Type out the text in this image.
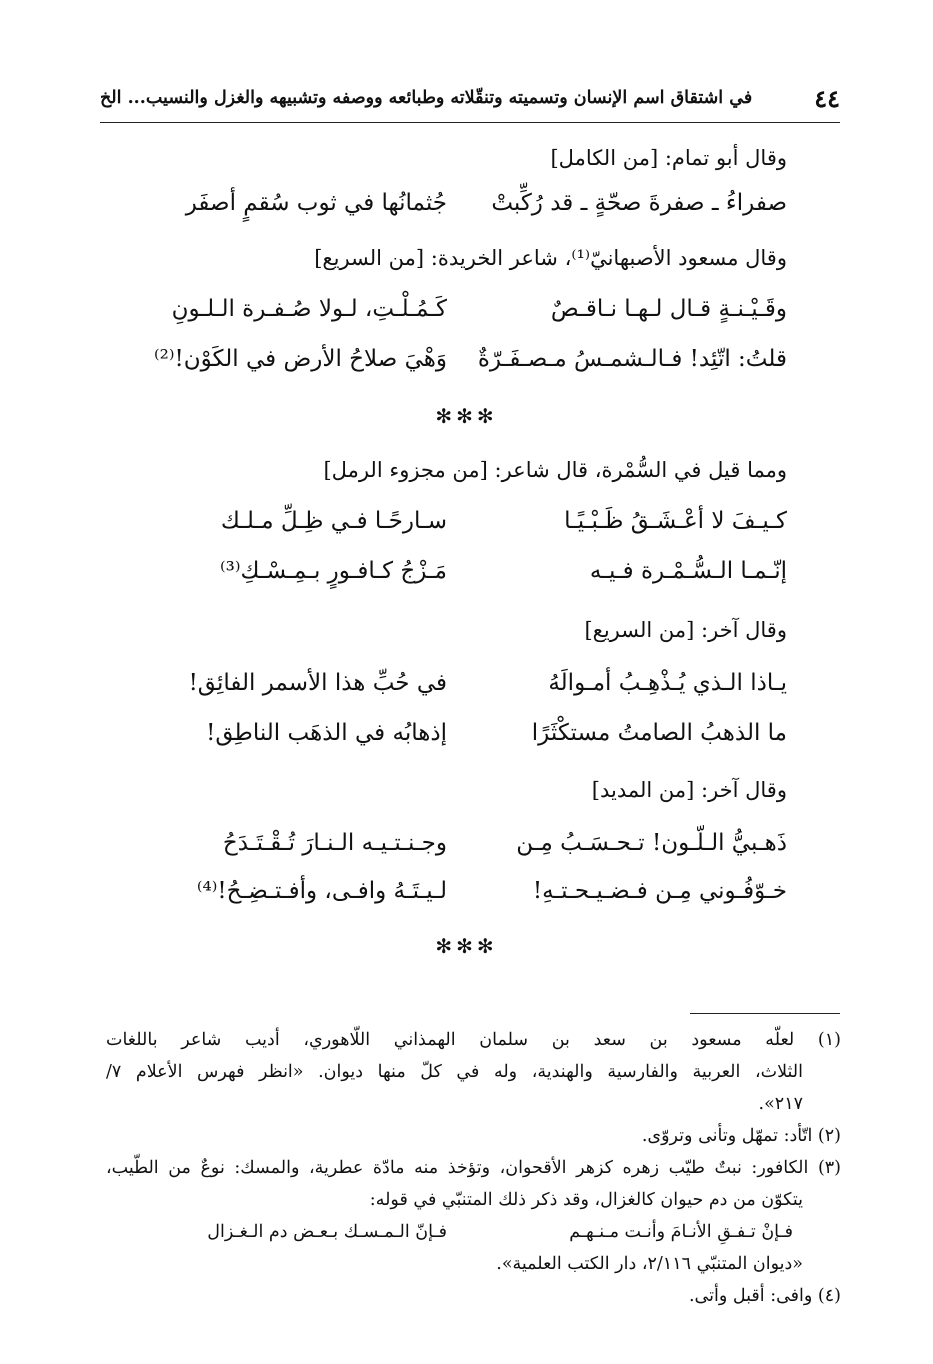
٤٤
في اشتقاق اسم الإنسان وتسميته وتنقّلاته وطبائعه ووصفه وتشبيهه والغزل والنسيب... الخ
وقال أبو تمام: [من الكامل]
صفراءُ ـ صفرةَ صحّةٍ ـ قد رُكِّبتْ
جُثمانُها في ثوب سُقمٍ أصفَر
وقال مسعود الأصبهانيّ⁽¹⁾، شاعر الخريدة: [من السريع]
وقَـيْـنـةٍ قـال لـهـا نـاقـصٌ
كَـمُـلْـتِ، لـولا صُـفـرة الـلـونِ
قلتُ: اتّئِد! فـالـشمـسُ مـصـفَـرّةٌ
وَهْيَ صلاحُ الأرض في الكَوْن!⁽²⁾
✻✻✻
ومما قيل في السُّمْرة، قال شاعر: [من مجزوء الرمل]
كـيـفَ لا أعْـشَـقُ ظَـبْـيًـا
سـارحًـا فـي ظِـلِّ مـلـك
إنّـمـا الـسُّـمْـرة فـيـه
مَـزْجُ كـافـورٍ بـمِـسْـكِ⁽³⁾
وقال آخر: [من السريع]
يـاذا الـذي يُـذْهِـبُ أمـوالَهُ
في حُبِّ هذا الأسمر الفائِق!
ما الذهبُ الصامتُ مستكْثَرًا
إذهابُه في الذهَب الناطِق!
وقال آخر: [من المديد]
ذَهـبيُّ الـلّـون! تـحـسَـبُ مِـن
وجـنـتـيـه الـنـارَ تُـقْـتَـدَحُ
خـوّفُـوني مِـن فـضـيـحـتـهِ!
لـيـتَـهُ وافـى، وأفـتـضِـحُ!⁽⁴⁾
✻✻✻
(١) لعلّه مسعود بن سعد بن سلمان الهمذاني اللّاهوري، أديب شاعر باللغات
الثلاث، العربية والفارسية والهندية، وله في كلّ منها ديوان. «انظر فهرس الأعلام ٧/
٢١٧».
(٢) اتّأد: تمهّل وتأنى وتروّى.
(٣) الكافور: نبتٌ طيّب زهره كزهر الأقحوان، وتؤخذ منه مادّة عطرية، والمسك: نوعٌ من الطّيب،
يتكوّن من دم حيوان كالغزال، وقد ذكر ذلك المتنبّي في قوله:
فـإنْ تـفـقِ الأنـامَ وأنـت مـنـهـم
فـإنّ الـمـسـك بـعـض دم الـغـزال
«ديوان المتنبّي ٢/١١٦، دار الكتب العلمية».
(٤) وافى: أقبل وأتى.
